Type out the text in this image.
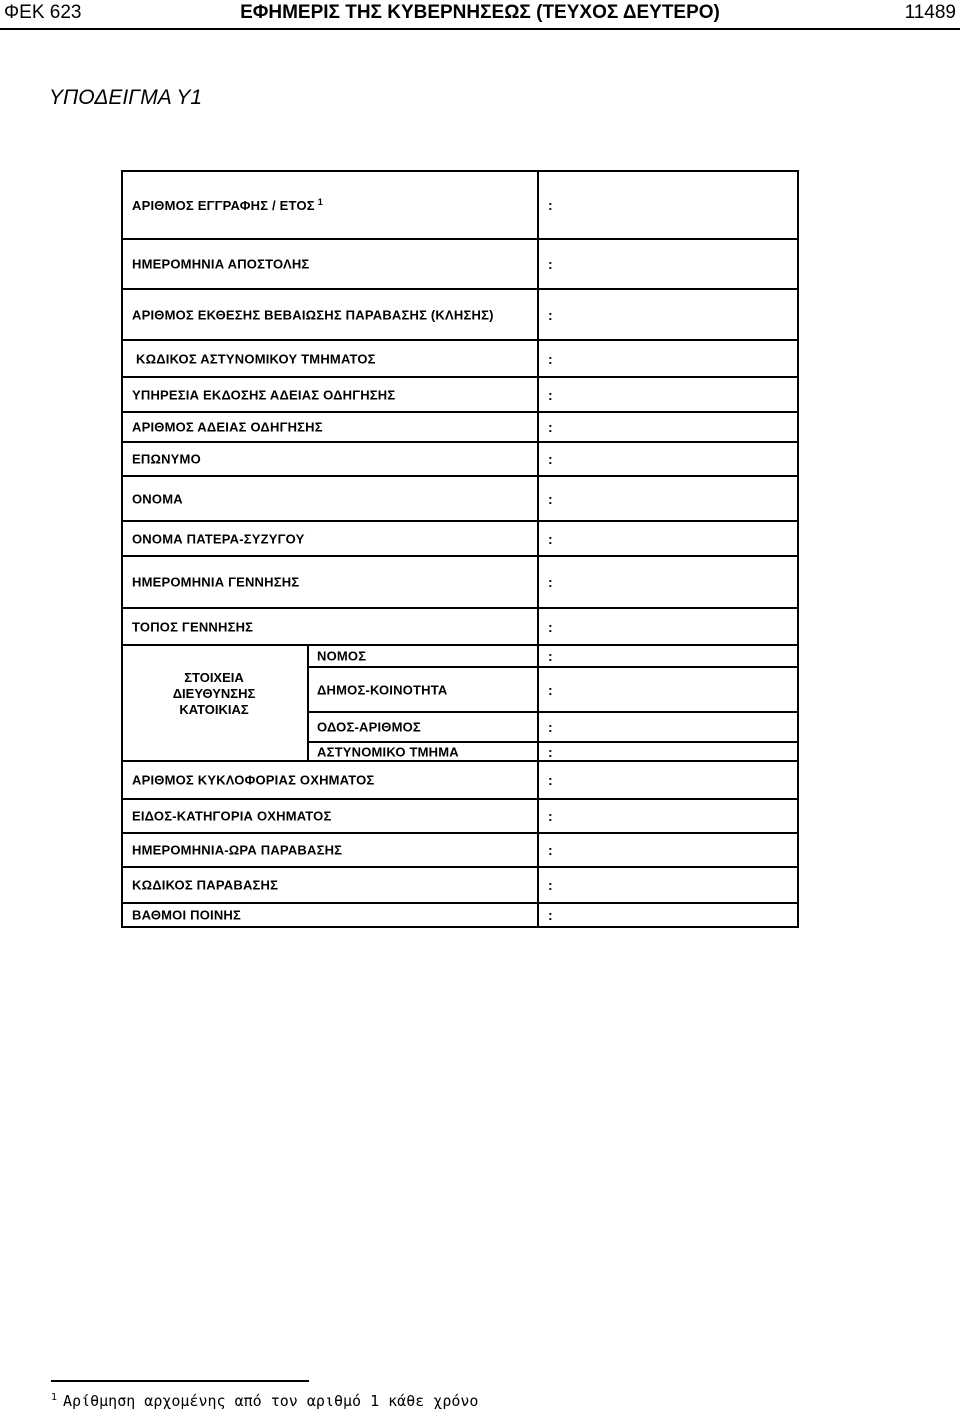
ΦΕΚ 623	ΕΦΗΜΕΡΙΣ ΤΗΣ ΚΥΒΕΡΝΗΣΕΩΣ (ΤΕΥΧΟΣ ΔΕΥΤΕΡΟ)	11489
ΥΠΟΔΕΙΓΜΑ Υ1
ΑΡΙΘΜΟΣ ΕΓΓΡΑΦΗΣ / ΕΤΟΣ $^1$	:
ΗΜΕΡΟΜΗΝΙΑ ΑΠΟΣΤΟΛΗΣ	:
ΑΡΙΘΜΟΣ ΕΚΘΕΣΗΣ ΒΕΒΑΙΩΣΗΣ ΠΑΡΑΒΑΣΗΣ (ΚΛΗΣΗΣ)	:
ΚΩΔΙΚΟΣ ΑΣΤΥΝΟΜΙΚΟΥ ΤΜΗΜΑΤΟΣ	:
ΥΠΗΡΕΣΙΑ ΕΚΔΟΣΗΣ ΑΔΕΙΑΣ ΟΔΗΓΗΣΗΣ	:
ΑΡΙΘΜΟΣ ΑΔΕΙΑΣ ΟΔΗΓΗΣΗΣ	:
ΕΠΩΝΥΜΟ	:
ΟΝΟΜΑ	:
ΟΝΟΜΑ ΠΑΤΕΡΑ-ΣΥΖΥΓΟΥ	:
ΗΜΕΡΟΜΗΝΙΑ ΓΕΝΝΗΣΗΣ	:
ΤΟΠΟΣ ΓΕΝΝΗΣΗΣ	:
ΣΤΟΙΧΕΙΑ
ΔΙΕΥΘΥΝΣΗΣ
ΚΑΤΟΙΚΙΑΣ
ΝΟΜΟΣ	:
ΔΗΜΟΣ-ΚΟΙΝΟΤΗΤΑ	:
ΟΔΟΣ-ΑΡΙΘΜΟΣ	:
ΑΣΤΥΝΟΜΙΚΟ ΤΜΗΜΑ	:
ΑΡΙΘΜΟΣ ΚΥΚΛΟΦΟΡΙΑΣ ΟΧΗΜΑΤΟΣ	:
ΕΙΔΟΣ-ΚΑΤΗΓΟΡΙΑ ΟΧΗΜΑΤΟΣ	:
ΗΜΕΡΟΜΗΝΙΑ-ΩΡΑ ΠΑΡΑΒΑΣΗΣ	:
ΚΩΔΙΚΟΣ ΠΑΡΑΒΑΣΗΣ	:
ΒΑΘΜΟΙ ΠΟΙΝΗΣ	:
$^1$ Αρίθμηση αρχομένης από τον αριθμό 1 κάθε χρόνο
